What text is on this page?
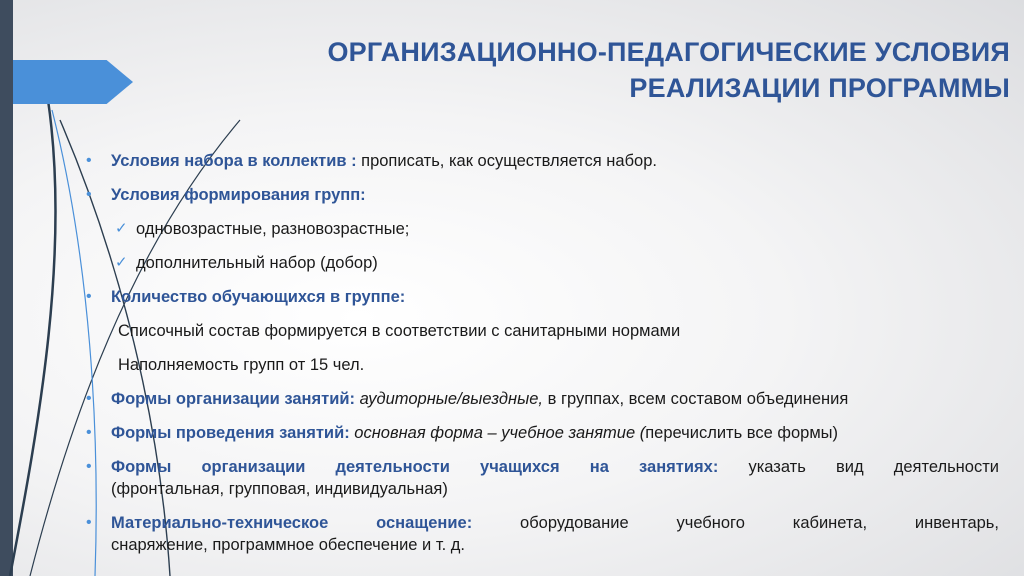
ОРГАНИЗАЦИОННО-ПЕДАГОГИЧЕСКИЕ УСЛОВИЯ
РЕАЛИЗАЦИИ ПРОГРАММЫ
• Условия набора в коллектив : прописать, как осуществляется набор.
• Условия формирования групп:
✓ одновозрастные, разновозрастные;
✓ дополнительный набор (добор)
• Количество обучающихся в группе:
Списочный состав формируется в соответствии с санитарными нормами
Наполняемость групп от 15 чел.
• Формы организации занятий: аудиторные/выездные, в группах, всем составом объединения
• Формы проведения занятий: основная форма – учебное занятие (перечислить все формы)
• Формы организации деятельности учащихся на занятиях: указать вид деятельности
(фронтальная, групповая, индивидуальная)
• Материально-техническое оснащение: оборудование учебного кабинета, инвентарь,
снаряжение, программное обеспечение и т. д.
